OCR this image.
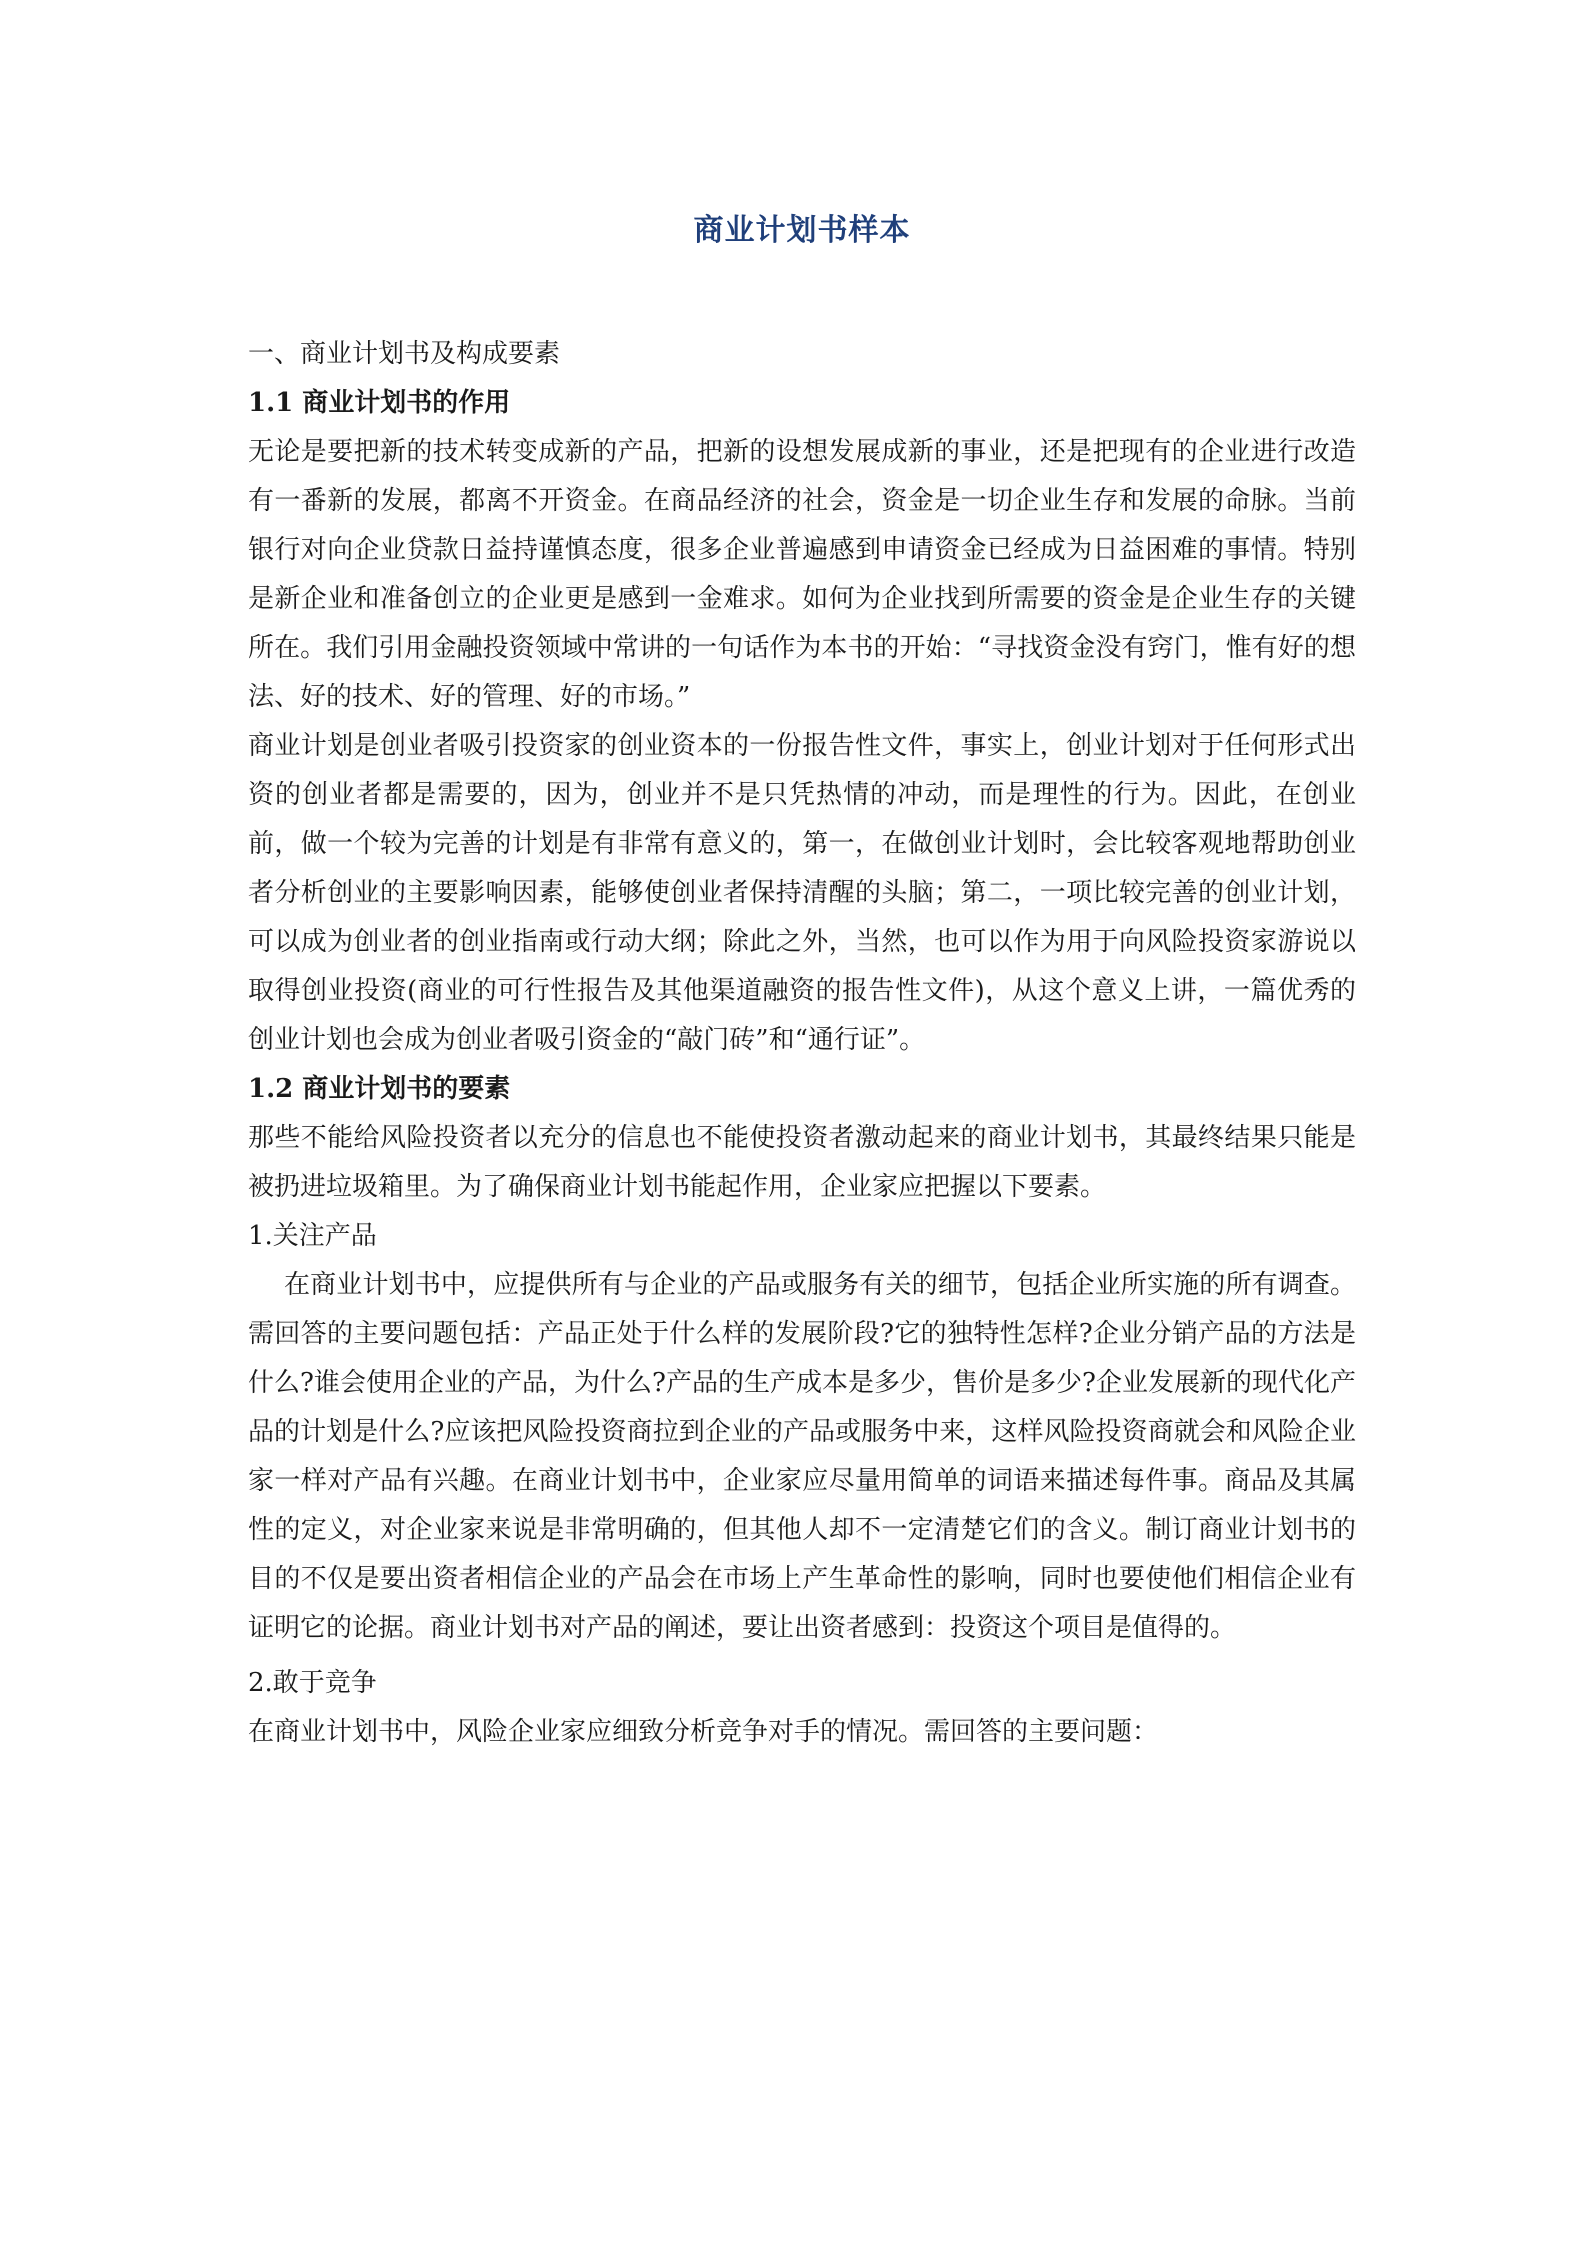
商业计划书样本

一、商业计划书及构成要素

1.1 商业计划书的作用

无论是要把新的技术转变成新的产品，把新的设想发展成新的事业，还是把现有的企业进行改造有一番新的发展，都离不开资金。在商品经济的社会，资金是一切企业生存和发展的命脉。当前银行对向企业贷款日益持谨慎态度，很多企业普遍感到申请资金已经成为日益困难的事情。特别是新企业和准备创立的企业更是感到一金难求。如何为企业找到所需要的资金是企业生存的关键所在。我们引用金融投资领域中常讲的一句话作为本书的开始：“寻找资金没有窍门，惟有好的想法、好的技术、好的管理、好的市场。”

商业计划是创业者吸引投资家的创业资本的一份报告性文件，事实上，创业计划对于任何形式出资的创业者都是需要的，因为，创业并不是只凭热情的冲动，而是理性的行为。因此，在创业前，做一个较为完善的计划是有非常有意义的，第一，在做创业计划时，会比较客观地帮助创业者分析创业的主要影响因素，能够使创业者保持清醒的头脑；第二，一项比较完善的创业计划，可以成为创业者的创业指南或行动大纲；除此之外，当然，也可以作为用于向风险投资家游说以取得创业投资(商业的可行性报告及其他渠道融资的报告性文件)，从这个意义上讲，一篇优秀的创业计划也会成为创业者吸引资金的“敲门砖”和“通行证”。

1.2 商业计划书的要素

那些不能给风险投资者以充分的信息也不能使投资者激动起来的商业计划书，其最终结果只能是被扔进垃圾箱里。为了确保商业计划书能起作用，企业家应把握以下要素。

1.关注产品

在商业计划书中，应提供所有与企业的产品或服务有关的细节，包括企业所实施的所有调查。需回答的主要问题包括：产品正处于什么样的发展阶段?它的独特性怎样?企业分销产品的方法是什么?谁会使用企业的产品，为什么?产品的生产成本是多少，售价是多少?企业发展新的现代化产品的计划是什么?应该把风险投资商拉到企业的产品或服务中来，这样风险投资商就会和风险企业家一样对产品有兴趣。在商业计划书中，企业家应尽量用简单的词语来描述每件事。商品及其属性的定义，对企业家来说是非常明确的，但其他人却不一定清楚它们的含义。制订商业计划书的目的不仅是要出资者相信企业的产品会在市场上产生革命性的影响，同时也要使他们相信企业有证明它的论据。商业计划书对产品的阐述，要让出资者感到：投资这个项目是值得的。

2.敢于竞争

在商业计划书中，风险企业家应细致分析竞争对手的情况。需回答的主要问题：
